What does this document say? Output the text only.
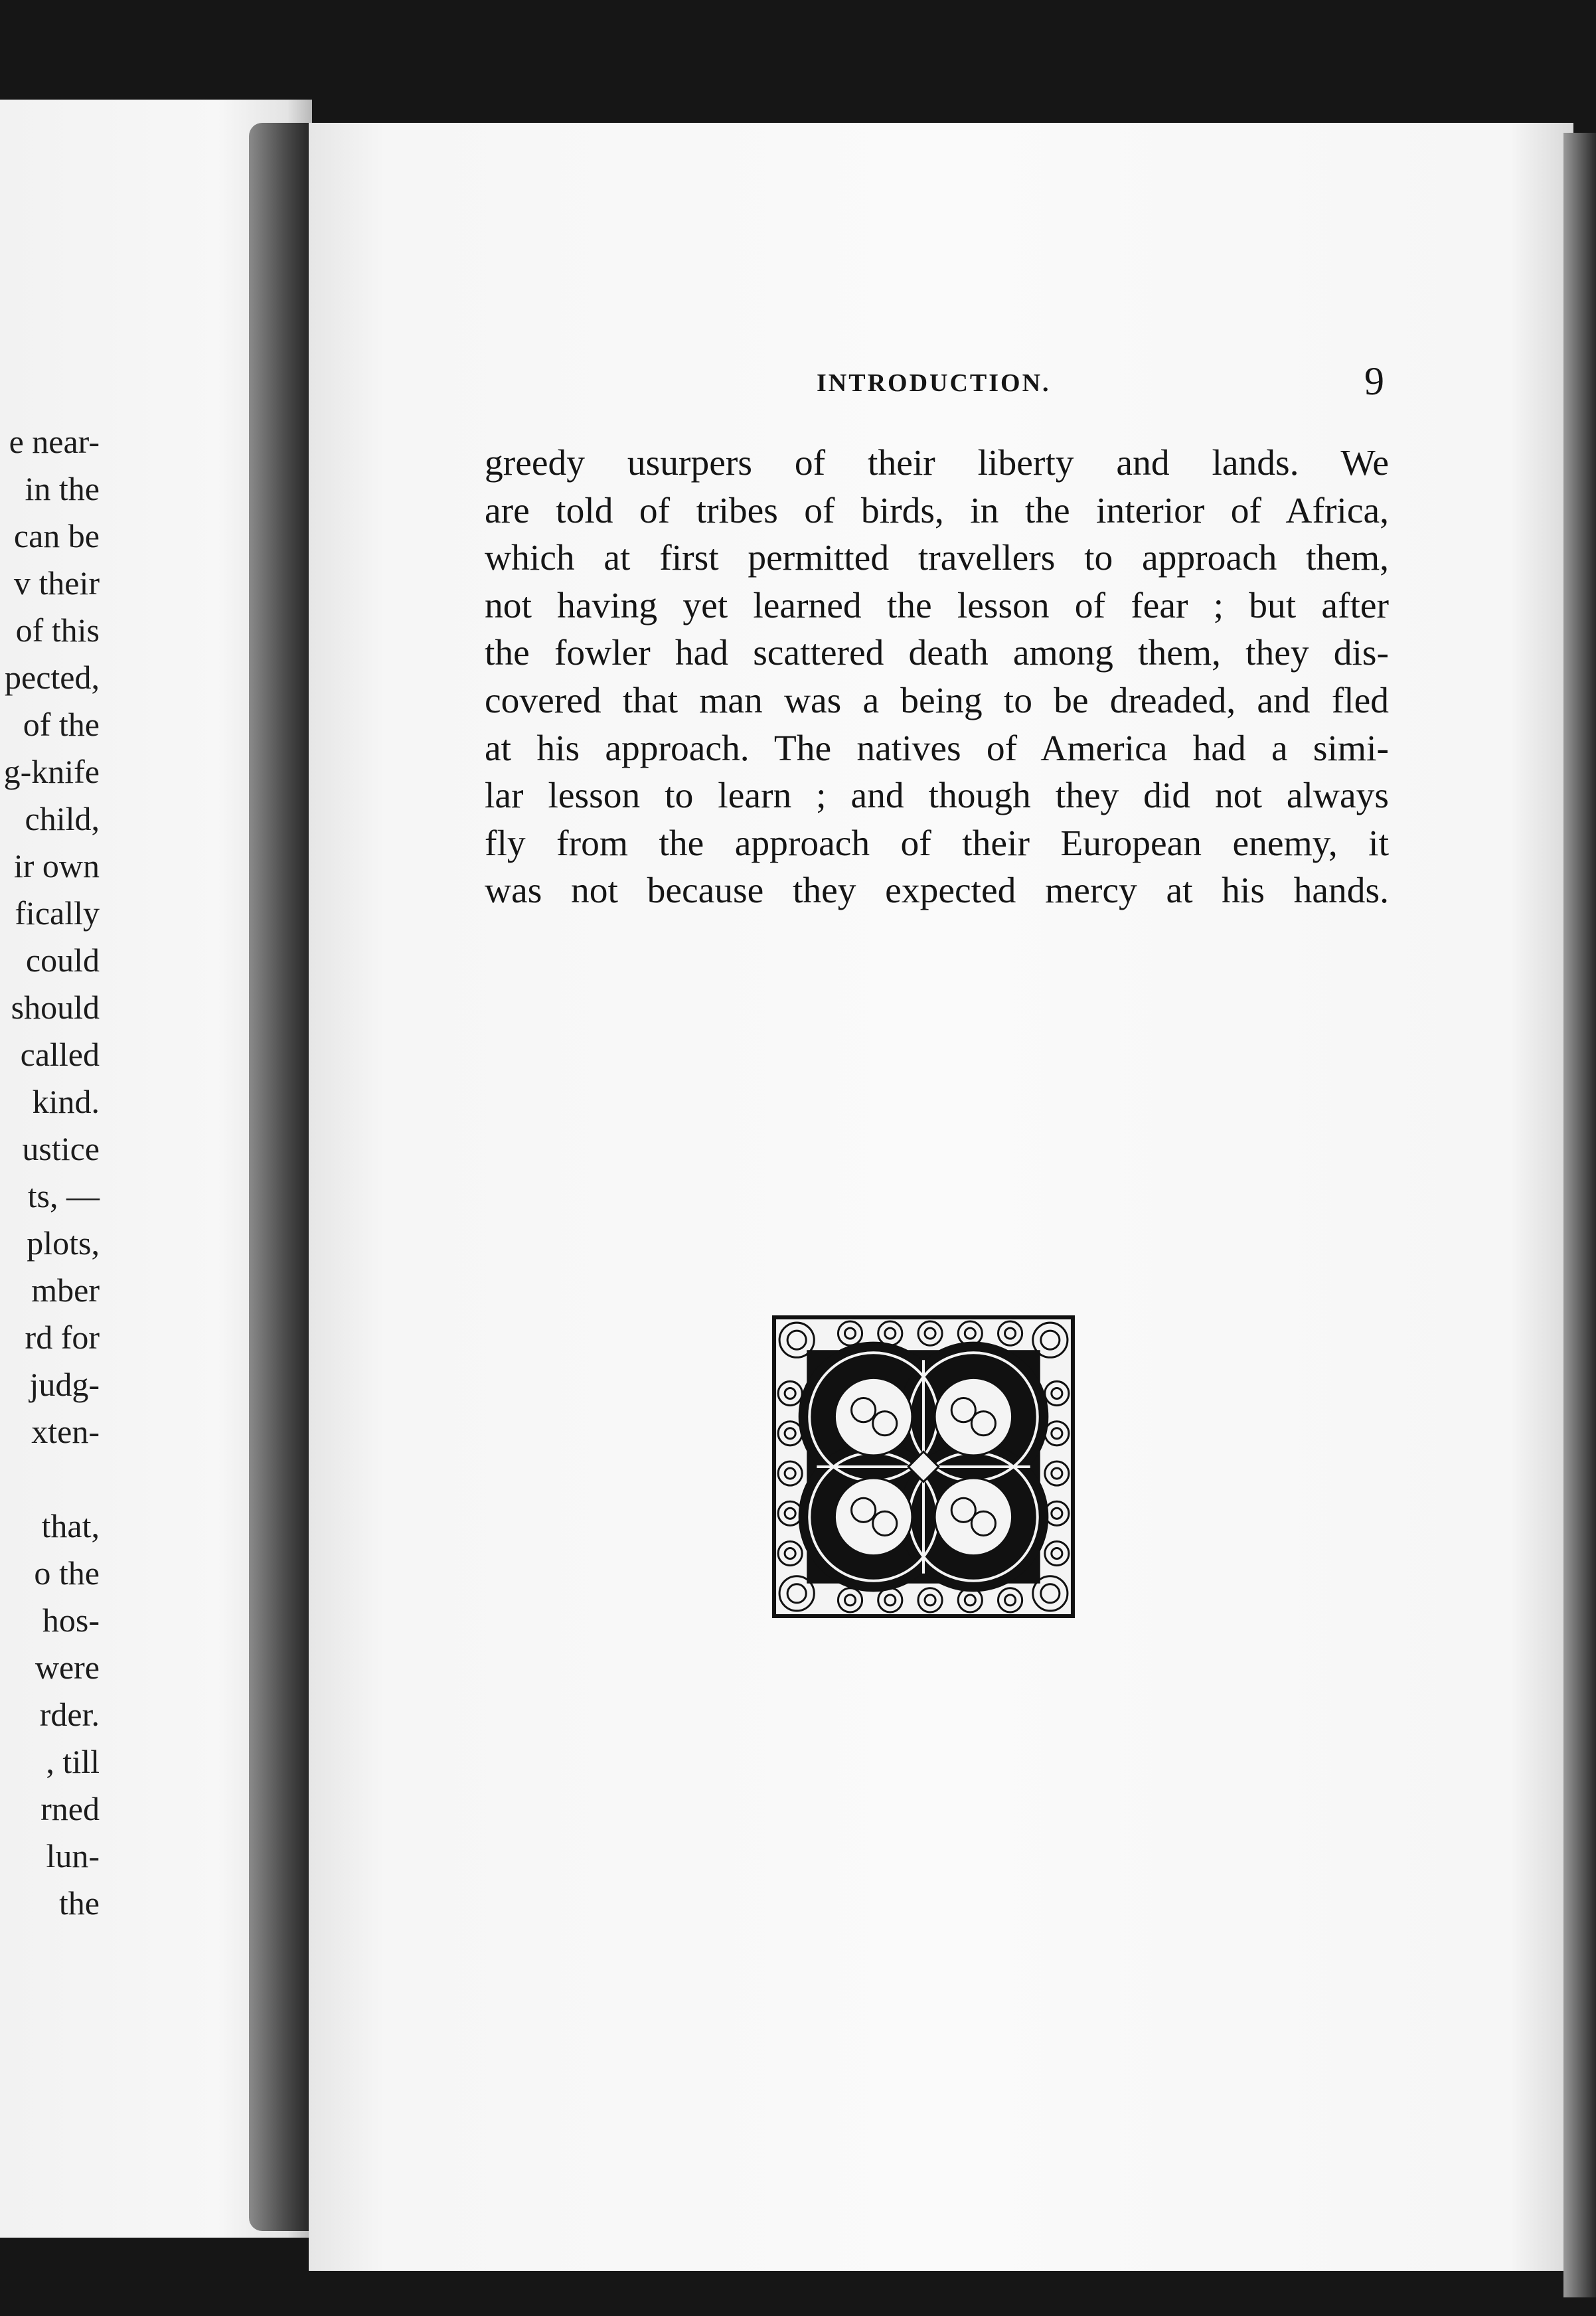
e near-
in the
can be
v their
of this
pected,
of the
g-knife
child,
ir own
fically
could
should
called
kind.
ustice
ts, —
plots,
mber
rd for
judg-
xten-
that,
o the
hos-
were
rder.
, till
rned
lun-
the
INTRODUCTION.	9
greedy usurpers of their liberty and lands. We
are told of tribes of birds, in the interior of Africa,
which at first permitted travellers to approach them,
not having yet learned the lesson of fear ; but after
the fowler had scattered death among them, they dis-
covered that man was a being to be dreaded, and fled
at his approach. The natives of America had a simi-
lar lesson to learn ; and though they did not always
fly from the approach of their European enemy, it
was not because they expected mercy at his hands.
